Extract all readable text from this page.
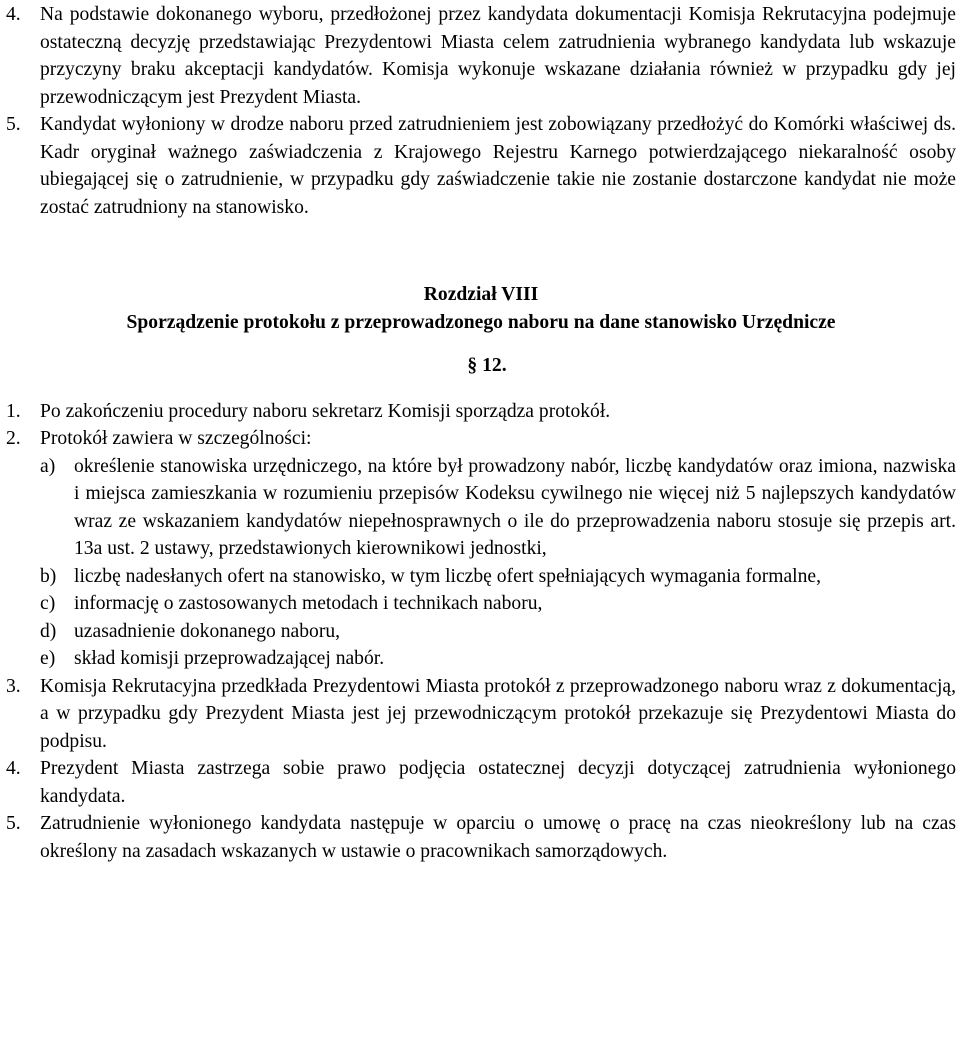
4. Na podstawie dokonanego wyboru, przedłożonej przez kandydata dokumentacji Komisja Rekrutacyjna podejmuje ostateczną decyzję przedstawiając Prezydentowi Miasta celem zatrudnienia wybranego kandydata lub wskazuje przyczyny braku akceptacji kandydatów. Komisja wykonuje wskazane działania również w przypadku gdy jej przewodniczącym jest Prezydent Miasta.
5. Kandydat wyłoniony w drodze naboru przed zatrudnieniem jest zobowiązany przedłożyć do Komórki właściwej ds. Kadr oryginał ważnego zaświadczenia z Krajowego Rejestru Karnego potwierdzającego niekaralność osoby ubiegającej się o zatrudnienie, w przypadku gdy zaświadczenie takie nie zostanie dostarczone kandydat nie może zostać zatrudniony na stanowisko.
Rozdział VIII
Sporządzenie protokołu z przeprowadzonego naboru na dane stanowisko Urzędnicze
§ 12.
1. Po zakończeniu procedury naboru sekretarz Komisji sporządza protokół.
2. Protokół zawiera w szczególności:
a) określenie stanowiska urzędniczego, na które był prowadzony nabór, liczbę kandydatów oraz imiona, nazwiska i miejsca zamieszkania w rozumieniu przepisów Kodeksu cywilnego nie więcej niż 5 najlepszych kandydatów wraz ze wskazaniem kandydatów niepełnosprawnych o ile do przeprowadzenia naboru stosuje się przepis art. 13a ust. 2 ustawy, przedstawionych kierownikowi jednostki,
b) liczbę nadesłanych ofert na stanowisko, w tym liczbę ofert spełniających wymagania formalne,
c) informację o zastosowanych metodach i technikach naboru,
d) uzasadnienie dokonanego naboru,
e) skład komisji przeprowadzającej nabór.
3. Komisja Rekrutacyjna przedkłada Prezydentowi Miasta protokół z przeprowadzonego naboru wraz z dokumentacją, a w przypadku gdy Prezydent Miasta jest jej przewodniczącym protokół przekazuje się Prezydentowi Miasta do podpisu.
4. Prezydent Miasta zastrzega sobie prawo podjęcia ostatecznej decyzji dotyczącej zatrudnienia wyłonionego kandydata.
5. Zatrudnienie wyłonionego kandydata następuje w oparciu o umowę o pracę na czas nieokreślony lub na czas określony na zasadach wskazanych w ustawie o pracownikach samorządowych.
